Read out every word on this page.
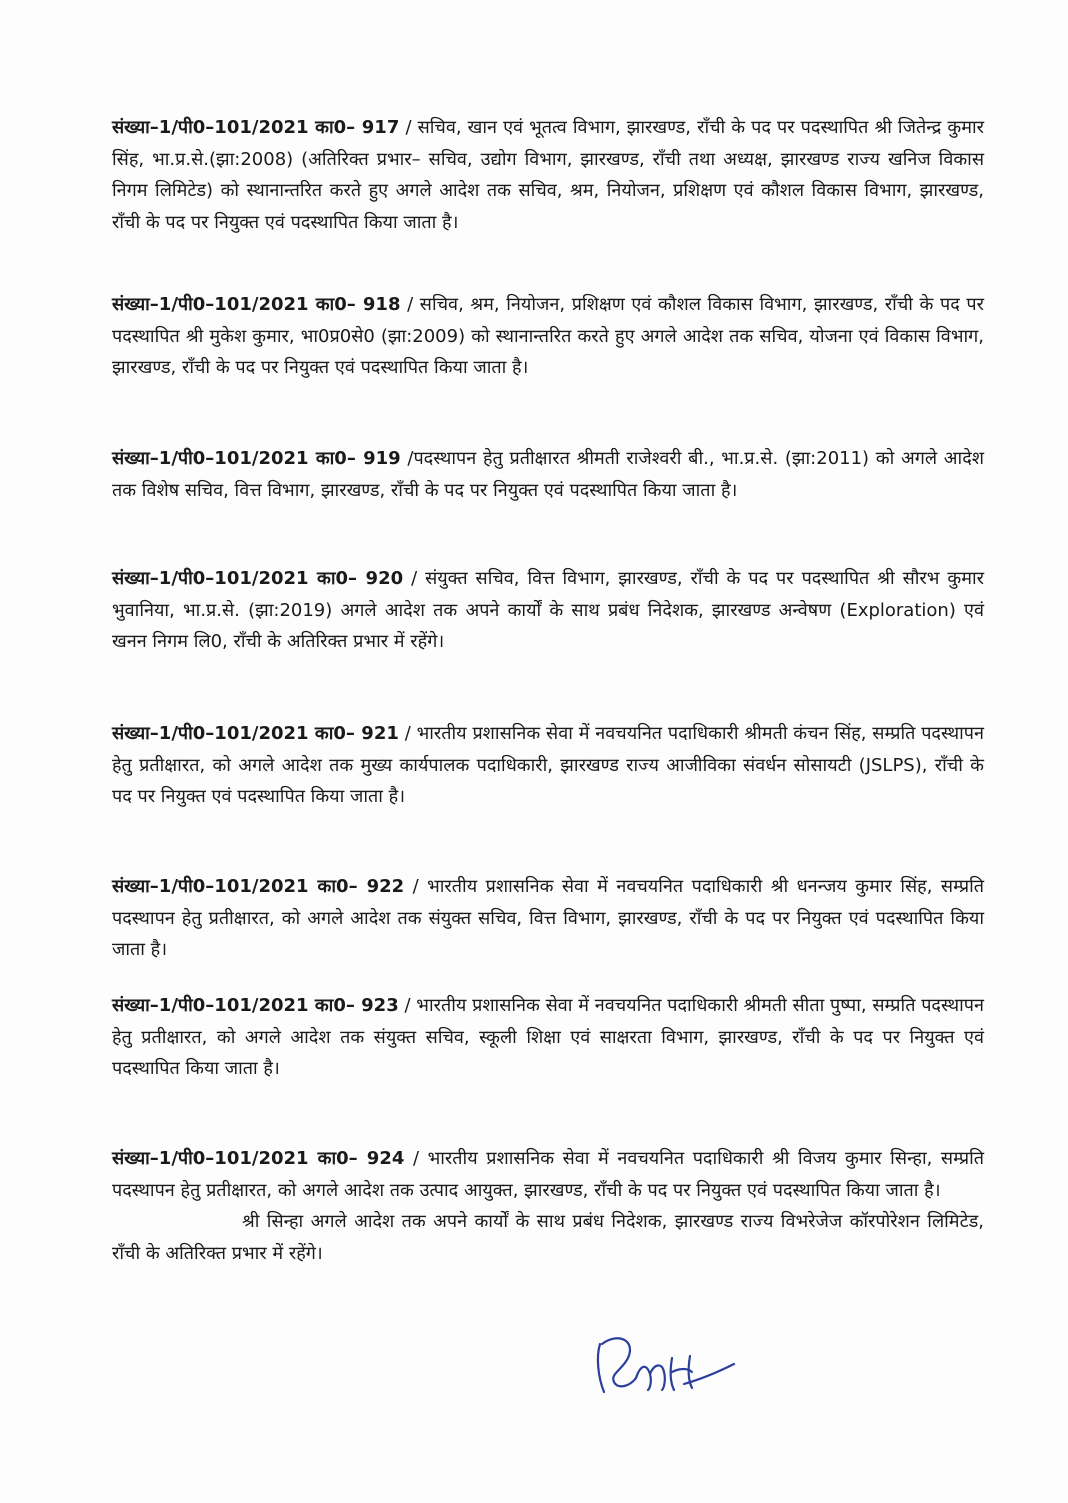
संख्या–1/पी0–101/2021 का0– 917 / सचिव, खान एवं भूतत्व विभाग, झारखण्ड, राँची के पद पर पदस्थापित श्री जितेन्द्र कुमार सिंह, भा.प्र.से.(झा:2008) (अतिरिक्त प्रभार– सचिव, उद्योग विभाग, झारखण्ड, राँची तथा अध्यक्ष, झारखण्ड राज्य खनिज विकास निगम लिमिटेड) को स्थानान्तरित करते हुए अगले आदेश तक सचिव, श्रम, नियोजन, प्रशिक्षण एवं कौशल विकास विभाग, झारखण्ड, राँची के पद पर नियुक्त एवं पदस्थापित किया जाता है।

संख्या–1/पी0–101/2021 का0– 918 / सचिव, श्रम, नियोजन, प्रशिक्षण एवं कौशल विकास विभाग, झारखण्ड, राँची के पद पर पदस्थापित श्री मुकेश कुमार, भा0प्र0से0 (झा:2009) को स्थानान्तरित करते हुए अगले आदेश तक सचिव, योजना एवं विकास विभाग, झारखण्ड, राँची के पद पर नियुक्त एवं पदस्थापित किया जाता है।

संख्या–1/पी0–101/2021 का0– 919 /पदस्थापन हेतु प्रतीक्षारत श्रीमती राजेश्वरी बी., भा.प्र.से. (झा:2011) को अगले आदेश तक विशेष सचिव, वित्त विभाग, झारखण्ड, राँची के पद पर नियुक्त एवं पदस्थापित किया जाता है।

संख्या–1/पी0–101/2021 का0– 920 / संयुक्त सचिव, वित्त विभाग, झारखण्ड, राँची के पद पर पदस्थापित श्री सौरभ कुमार भुवानिया, भा.प्र.से. (झा:2019) अगले आदेश तक अपने कार्यों के साथ प्रबंध निदेशक, झारखण्ड अन्वेषण (Exploration) एवं खनन निगम लि0, राँची के अतिरिक्त प्रभार में रहेंगे।

संख्या–1/पी0–101/2021 का0– 921 / भारतीय प्रशासनिक सेवा में नवचयनित पदाधिकारी श्रीमती कंचन सिंह, सम्प्रति पदस्थापन हेतु प्रतीक्षारत, को अगले आदेश तक मुख्य कार्यपालक पदाधिकारी, झारखण्ड राज्य आजीविका संवर्धन सोसायटी (JSLPS), राँची के पद पर नियुक्त एवं पदस्थापित किया जाता है।

संख्या–1/पी0–101/2021 का0– 922 / भारतीय प्रशासनिक सेवा में नवचयनित पदाधिकारी श्री धनन्जय कुमार सिंह, सम्प्रति पदस्थापन हेतु प्रतीक्षारत, को अगले आदेश तक संयुक्त सचिव, वित्त विभाग, झारखण्ड, राँची के पद पर नियुक्त एवं पदस्थापित किया जाता है।

संख्या–1/पी0–101/2021 का0– 923 / भारतीय प्रशासनिक सेवा में नवचयनित पदाधिकारी श्रीमती सीता पुष्पा, सम्प्रति पदस्थापन हेतु प्रतीक्षारत, को अगले आदेश तक संयुक्त सचिव, स्कूली शिक्षा एवं साक्षरता विभाग, झारखण्ड, राँची के पद पर नियुक्त एवं पदस्थापित किया जाता है।

संख्या–1/पी0–101/2021 का0– 924 / भारतीय प्रशासनिक सेवा में नवचयनित पदाधिकारी श्री विजय कुमार सिन्हा, सम्प्रति पदस्थापन हेतु प्रतीक्षारत, को अगले आदेश तक उत्पाद आयुक्त, झारखण्ड, राँची के पद पर नियुक्त एवं पदस्थापित किया जाता है।
श्री सिन्हा अगले आदेश तक अपने कार्यों के साथ प्रबंध निदेशक, झारखण्ड राज्य विभरेजेज कॉरपोरेशन लिमिटेड, राँची के अतिरिक्त प्रभार में रहेंगे।
